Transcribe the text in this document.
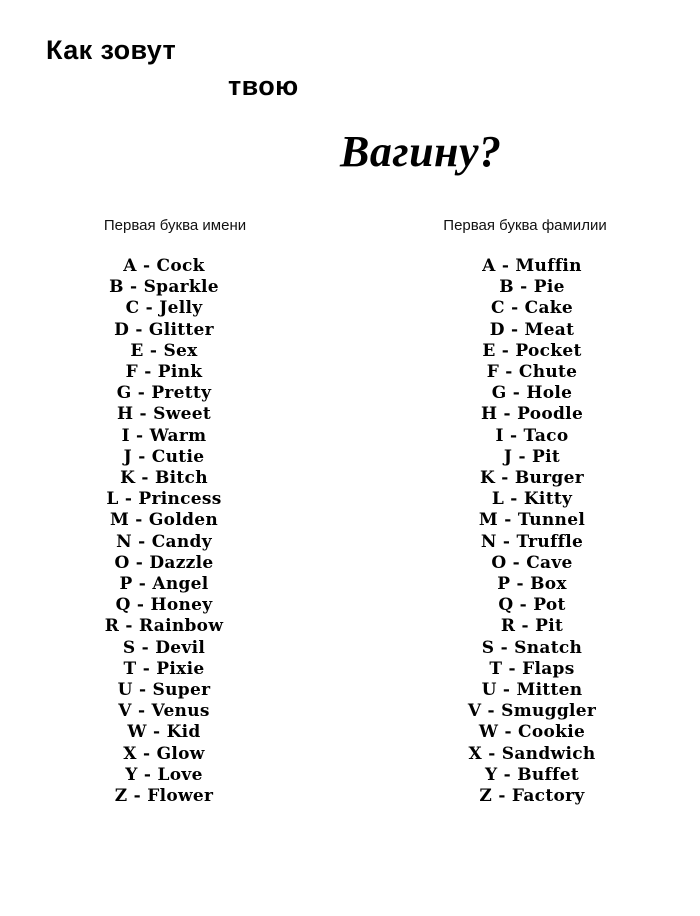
Как зовут
твою
Вагину?
Первая буква имени
A - Cock
B - Sparkle
C - Jelly
D - Glitter
E - Sex
F - Pink
G - Pretty
H - Sweet
I - Warm
J - Cutie
K - Bitch
L - Princess
M - Golden
N - Candy
O - Dazzle
P - Angel
Q - Honey
R - Rainbow
S - Devil
T - Pixie
U - Super
V - Venus
W - Kid
X - Glow
Y - Love
Z - Flower
Первая буква фамилии
A - Muffin
B - Pie
C - Cake
D - Meat
E - Pocket
F - Chute
G - Hole
H - Poodle
I - Taco
J - Pit
K - Burger
L - Kitty
M - Tunnel
N - Truffle
O - Cave
P - Box
Q - Pot
R - Pit
S - Snatch
T - Flaps
U - Mitten
V - Smuggler
W - Cookie
X - Sandwich
Y - Buffet
Z - Factory
